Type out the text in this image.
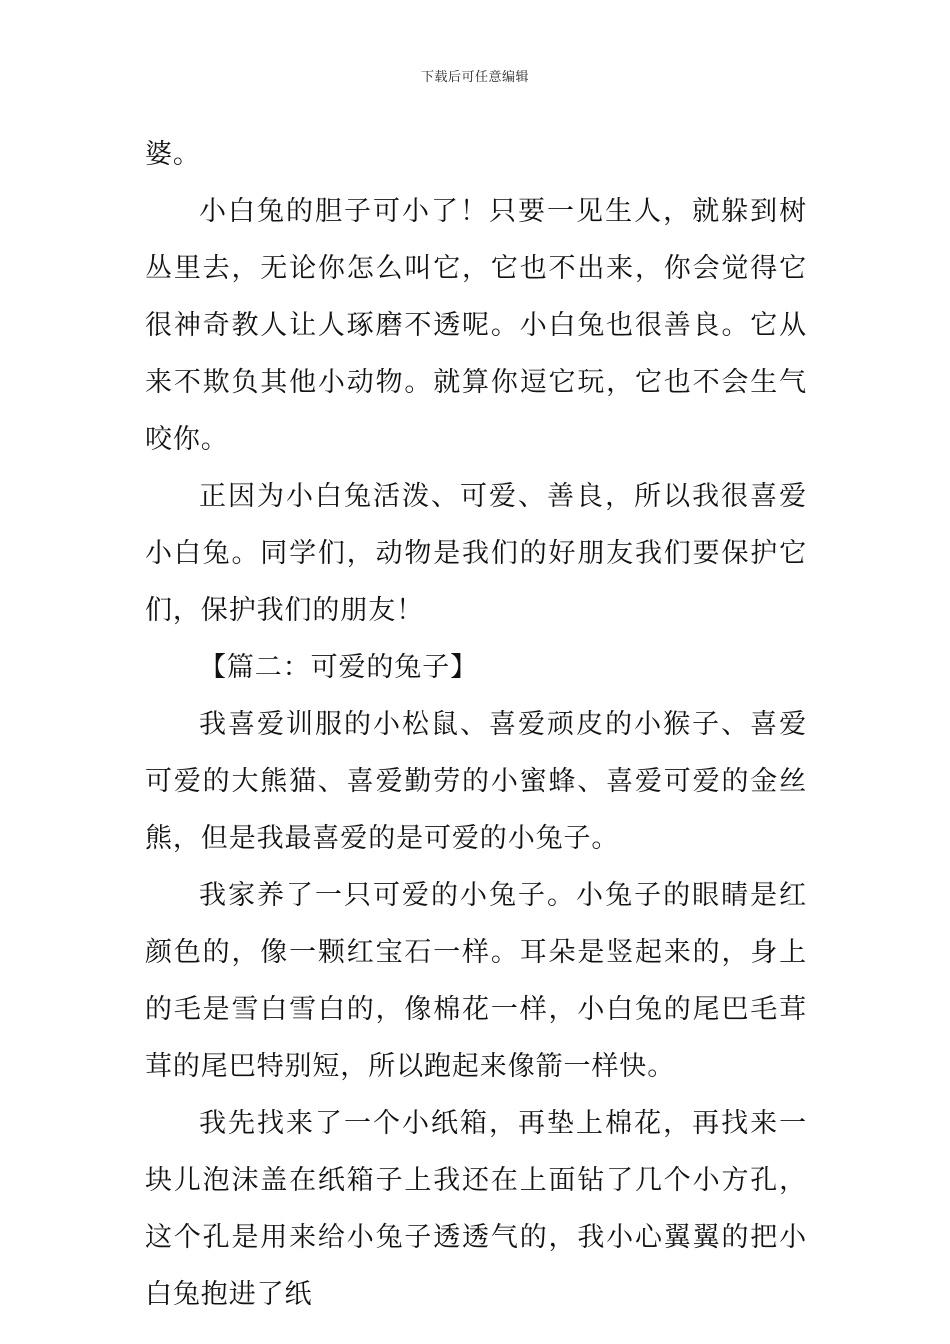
下载后可任意编辑

婆。

小白兔的胆子可小了！只要一见生人，就躲到树丛里去，无论你怎么叫它，它也不出来，你会觉得它很神奇教人让人琢磨不透呢。小白兔也很善良。它从来不欺负其他小动物。就算你逗它玩，它也不会生气咬你。

正因为小白兔活泼、可爱、善良，所以我很喜爱小白兔。同学们，动物是我们的好朋友我们要保护它们，保护我们的朋友！

【篇二：可爱的兔子】

我喜爱训服的小松鼠、喜爱顽皮的小猴子、喜爱可爱的大熊猫、喜爱勤劳的小蜜蜂、喜爱可爱的金丝熊，但是我最喜爱的是可爱的小兔子。

我家养了一只可爱的小兔子。小兔子的眼睛是红颜色的，像一颗红宝石一样。耳朵是竖起来的，身上的毛是雪白雪白的，像棉花一样，小白兔的尾巴毛茸茸的尾巴特别短，所以跑起来像箭一样快。

我先找来了一个小纸箱，再垫上棉花，再找来一块儿泡沫盖在纸箱子上我还在上面钻了几个小方孔，这个孔是用来给小兔子透透气的，我小心翼翼的把小白兔抱进了纸
